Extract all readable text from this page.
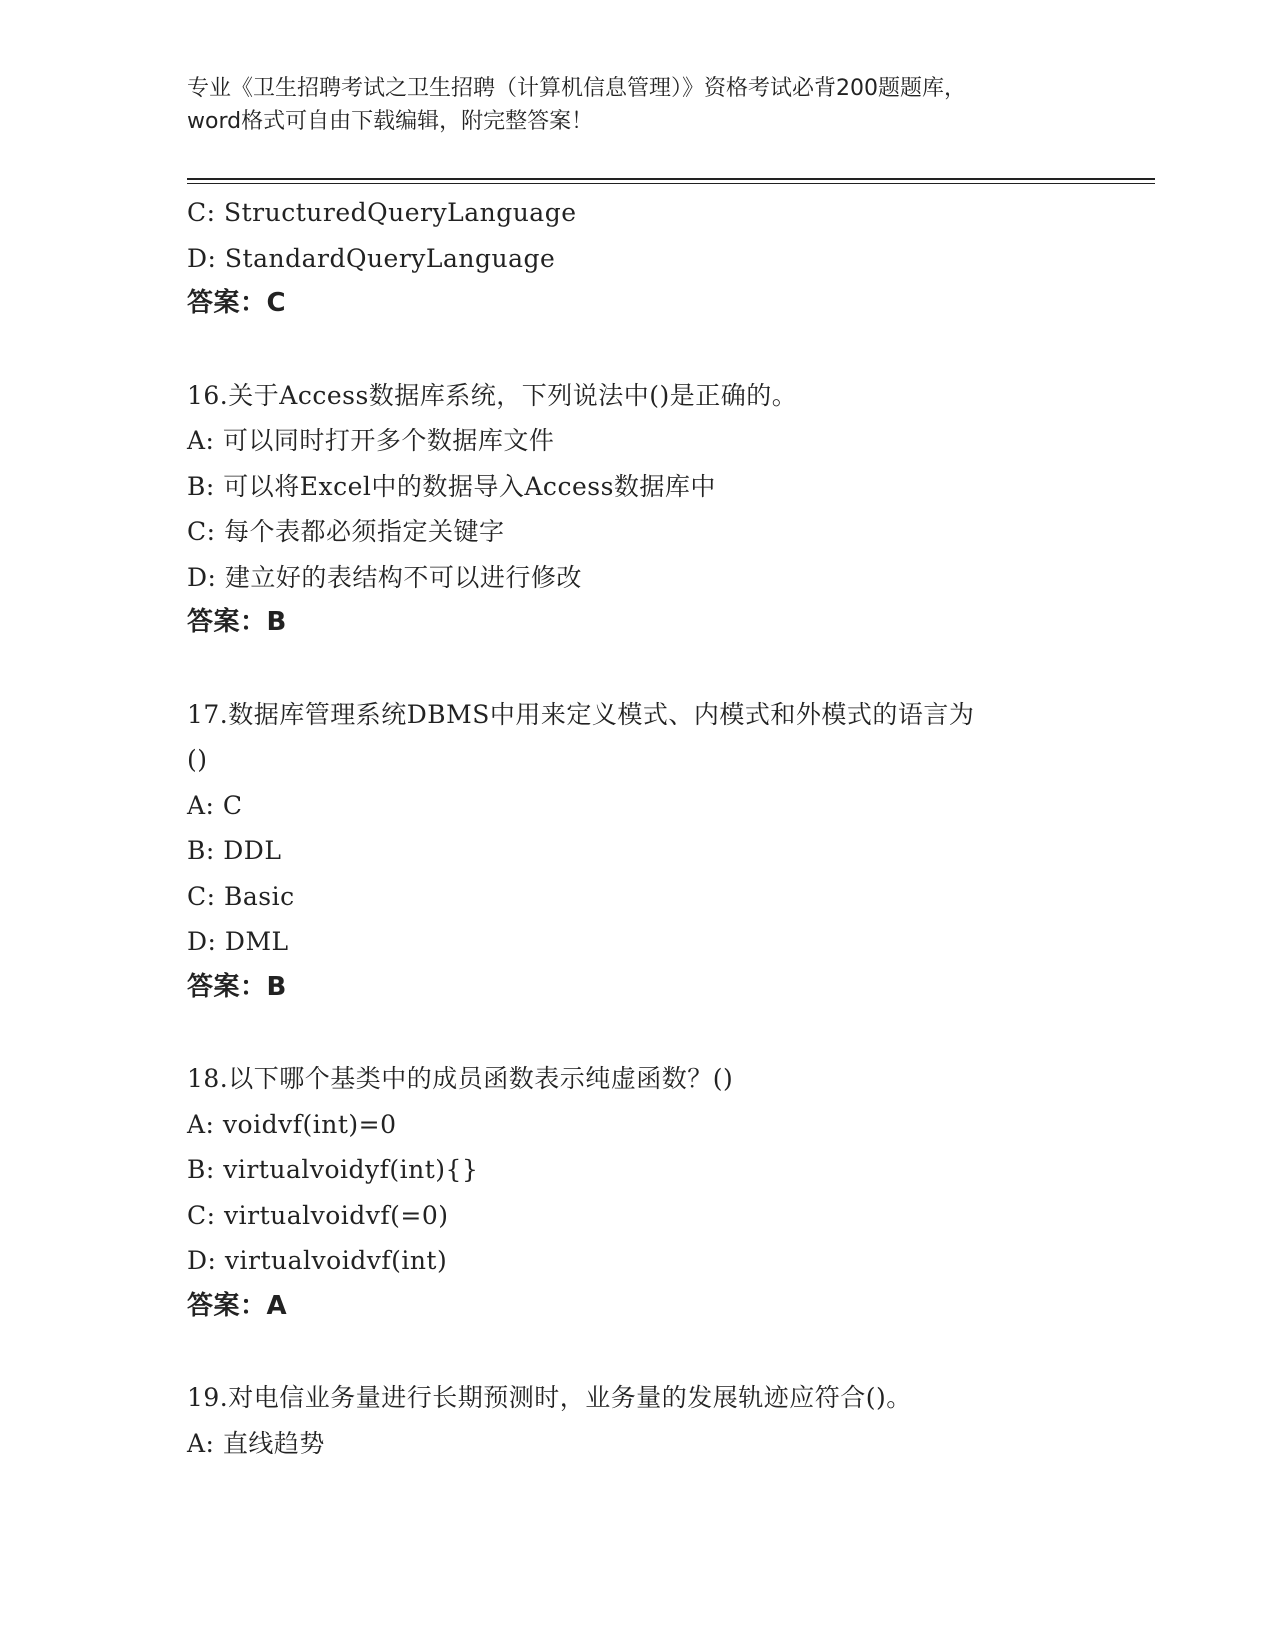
专业《卫生招聘考试之卫生招聘（计算机信息管理）》资格考试必背200题题库，
word格式可自由下载编辑，附完整答案！
C: StructuredQueryLanguage
D: StandardQueryLanguage
答案：C
16.关于Access数据库系统，下列说法中()是正确的。
A: 可以同时打开多个数据库文件
B: 可以将Excel中的数据导入Access数据库中
C: 每个表都必须指定关键字
D: 建立好的表结构不可以进行修改
答案：B
17.数据库管理系统DBMS中用来定义模式、内模式和外模式的语言为
()
A: C
B: DDL
C: Basic
D: DML
答案：B
18.以下哪个基类中的成员函数表示纯虚函数？()
A: voidvf(int)=0
B: virtualvoidyf(int){}
C: virtualvoidvf(=0)
D: virtualvoidvf(int)
答案：A
19.对电信业务量进行长期预测时，业务量的发展轨迹应符合()。
A: 直线趋势
